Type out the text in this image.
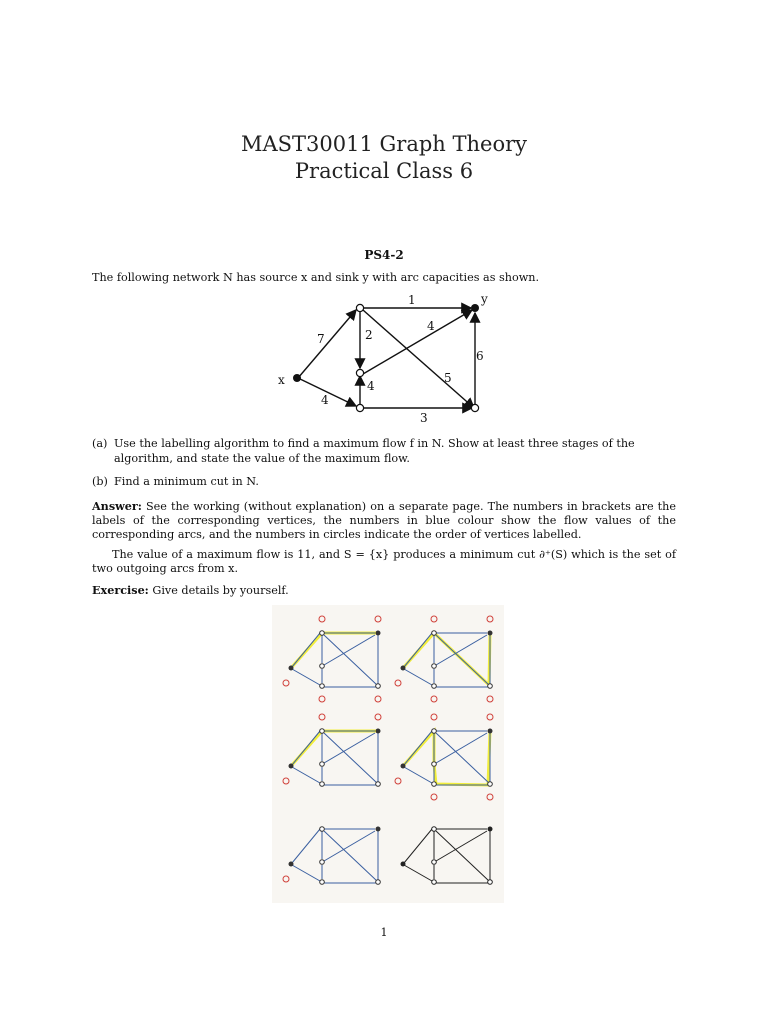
MAST30011 Graph Theory
Practical Class 6
PS4-2
The following network N has source x and sink y with arc capacities as shown.
x
y
7
1
2
4
6
5
4
4
3
(a) Use the labelling algorithm to find a maximum flow f in N. Show at least three stages of the algorithm, and state the value of the maximum flow.
(b) Find a minimum cut in N.
Answer: See the working (without explanation) on a separate page. The numbers in brackets are the labels of the corresponding vertices, the numbers in blue colour show the flow values of the corresponding arcs, and the numbers in circles indicate the order of vertices labelled.
The value of a maximum flow is 11, and S = {x} produces a minimum cut ∂⁺(S) which is the set of two outgoing arcs from x.
Exercise: Give details by yourself.
1
